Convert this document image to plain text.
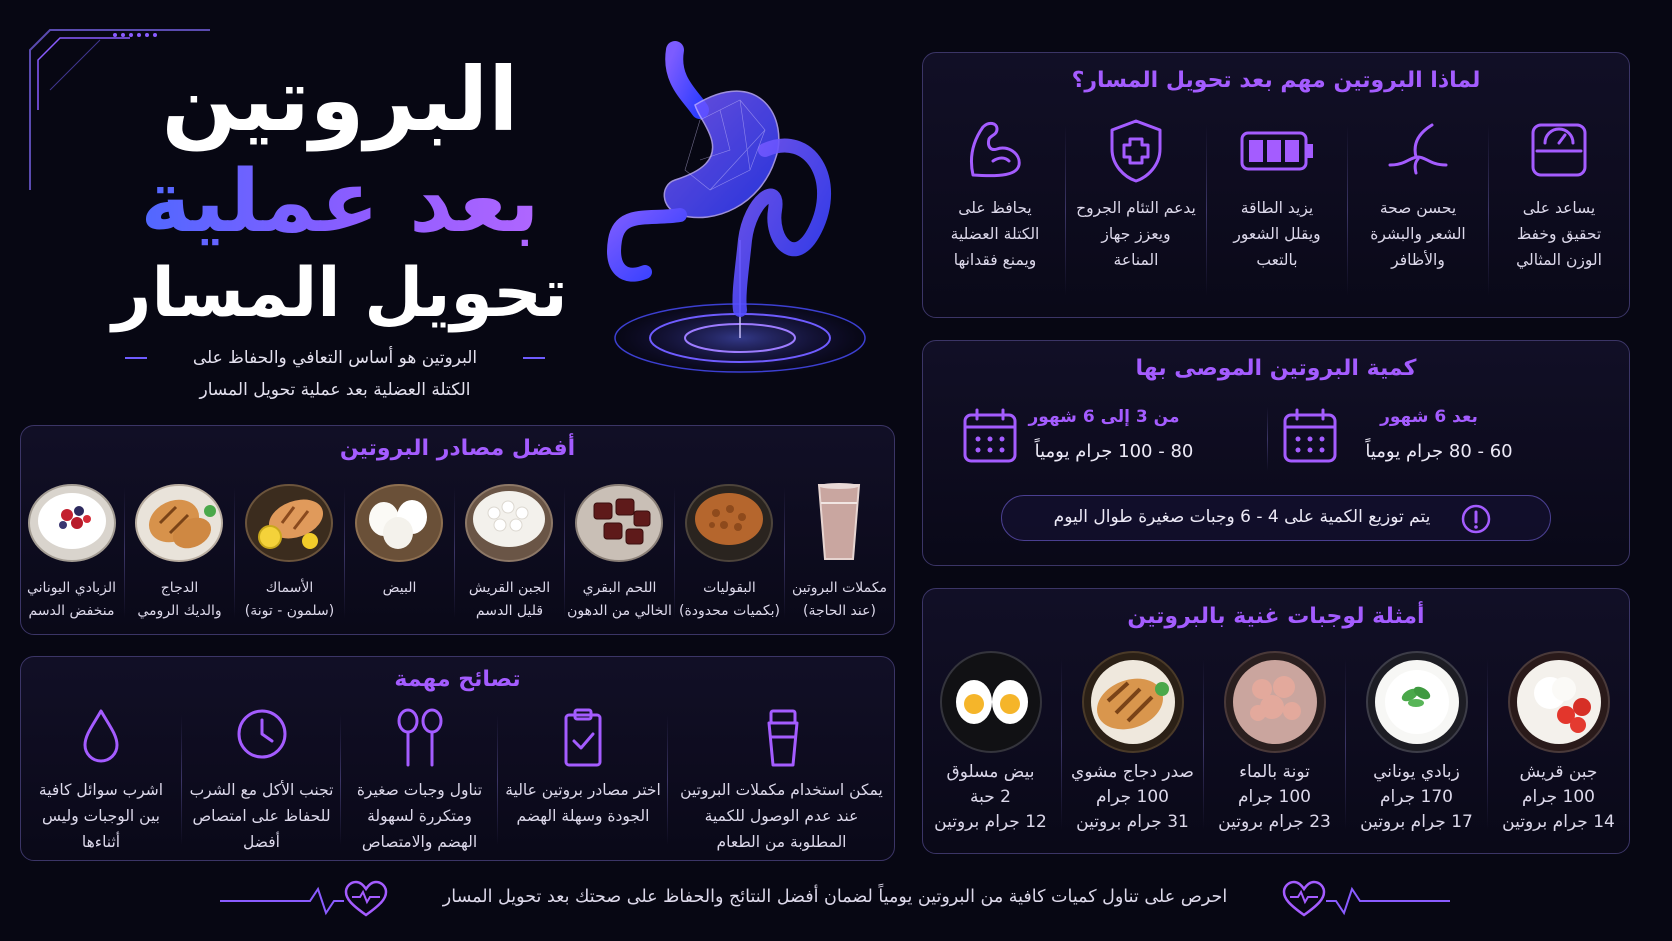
البروتين
بعد عملية
تحويل المسار
البروتين هو أساس التعافي والحفاظ على
الكتلة العضلية بعد عملية تحويل المسار
لماذا البروتين مهم بعد تحويل المسار؟
يساعد على
تحقيق وخفظ
الوزن المثالي
يحسن صحة
الشعر والبشرة
والأظافر
يزيد الطاقة
ويقلل الشعور
بالتعب
يدعم التئام الجروح
ويعزز جهاز
المناعة
يحافظ على
الكتلة العضلية
ويمنع فقدانها
كمية البروتين الموصى بها
بعد 6 شهور
60 - 80 جرام يومياً
من 3 إلى 6 شهور
80 - 100 جرام يومياً
يتم توزيع الكمية على 4 - 6 وجبات صغيرة طوال اليوم
أمثلة لوجبات غنية بالبروتين
جبن قريش
100 جرام
14 جرام بروتين
زبادي يوناني
170 جرام
17 جرام بروتين
تونة بالماء
100 جرام
23 جرام بروتين
صدر دجاج مشوي
100 جرام
31 جرام بروتين
بيض مسلوق
2 حبة
12 جرام بروتين
أفضل مصادر البروتين
مكملات البروتين
(عند الحاجة)
البقوليات
(بكميات محدودة)
اللحم البقري
الخالي من الدهون
الجبن القريش
قليل الدسم
البيض
الأسماك
(سلمون - تونة)
الدجاج
والديك الرومي
الزبادي اليوناني
منخفض الدسم
تصائح مهمة
يمكن استخدام مكملات البروتين
عند عدم الوصول للكمية
المطلوبة من الطعام
اختر مصادر بروتين عالية
الجودة وسهلة الهضم
تناول وجبات صغيرة
ومتكررة لسهولة
الهضم والامتصاص
تجنب الأكل مع الشرب
للحفاظ على امتصاص
أفضل
اشرب سوائل كافية
بين الوجبات وليس
أثناءها
احرص على تناول كميات كافية من البروتين يومياً لضمان أفضل النتائج والحفاظ على صحتك بعد تحويل المسار
